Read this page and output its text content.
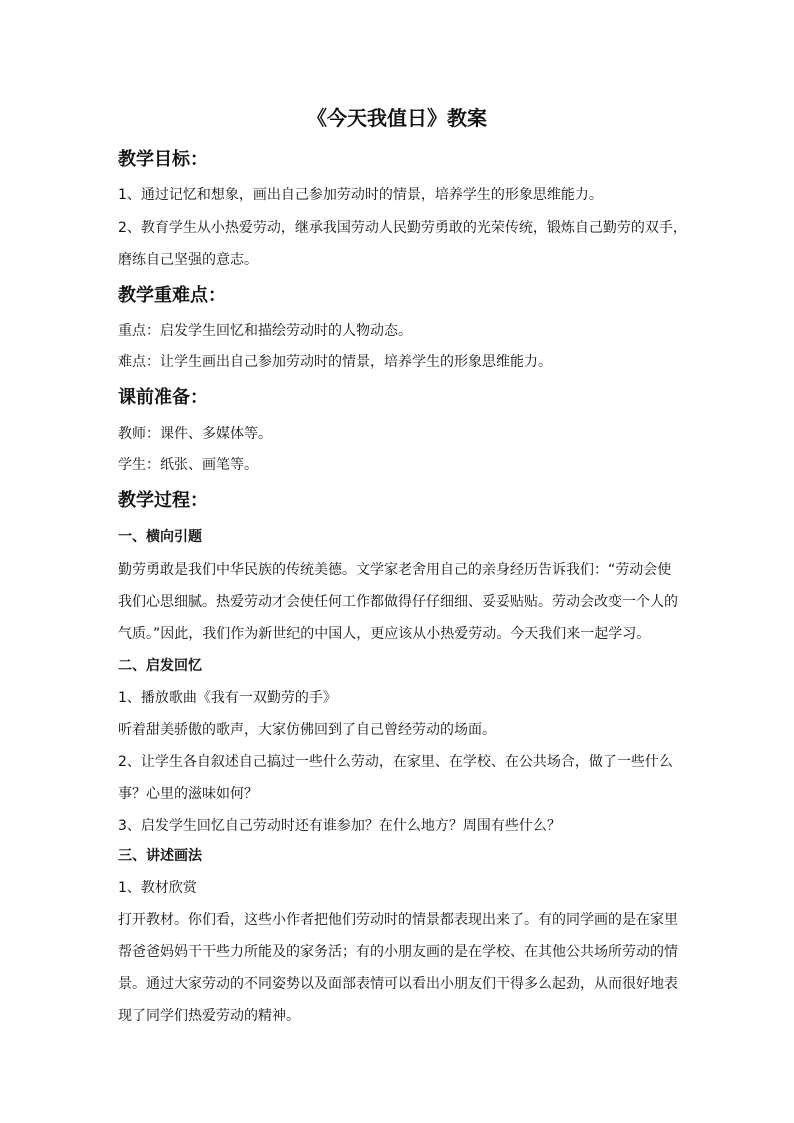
《今天我值日》教案
教学目标：
1、通过记忆和想象，画出自己参加劳动时的情景，培养学生的形象思维能力。
2、教育学生从小热爱劳动，继承我国劳动人民勤劳勇敢的光荣传统，锻炼自己勤劳的双手，
磨练自己坚强的意志。
教学重难点：
重点：启发学生回忆和描绘劳动时的人物动态。
难点：让学生画出自己参加劳动时的情景，培养学生的形象思维能力。
课前准备：
教师：课件、多媒体等。
学生：纸张、画笔等。
教学过程：
一、横向引题
勤劳勇敢是我们中华民族的传统美德。文学家老舍用自己的亲身经历告诉我们：“劳动会使
我们心思细腻。热爱劳动才会使任何工作都做得仔仔细细、妥妥贴贴。劳动会改变一个人的
气质。”因此，我们作为新世纪的中国人，更应该从小热爱劳动。今天我们来一起学习。
二、启发回忆
1、播放歌曲《我有一双勤劳的手》
听着甜美骄傲的歌声，大家仿佛回到了自己曾经劳动的场面。
2、让学生各自叙述自己搞过一些什么劳动，在家里、在学校、在公共场合，做了一些什么
事？心里的滋味如何？
3、启发学生回忆自己劳动时还有谁参加？在什么地方？周围有些什么？
三、讲述画法
1、教材欣赏
打开教材。你们看，这些小作者把他们劳动时的情景都表现出来了。有的同学画的是在家里
帮爸爸妈妈干干些力所能及的家务活；有的小朋友画的是在学校、在其他公共场所劳动的情
景。通过大家劳动的不同姿势以及面部表情可以看出小朋友们干得多么起劲，从而很好地表
现了同学们热爱劳动的精神。
